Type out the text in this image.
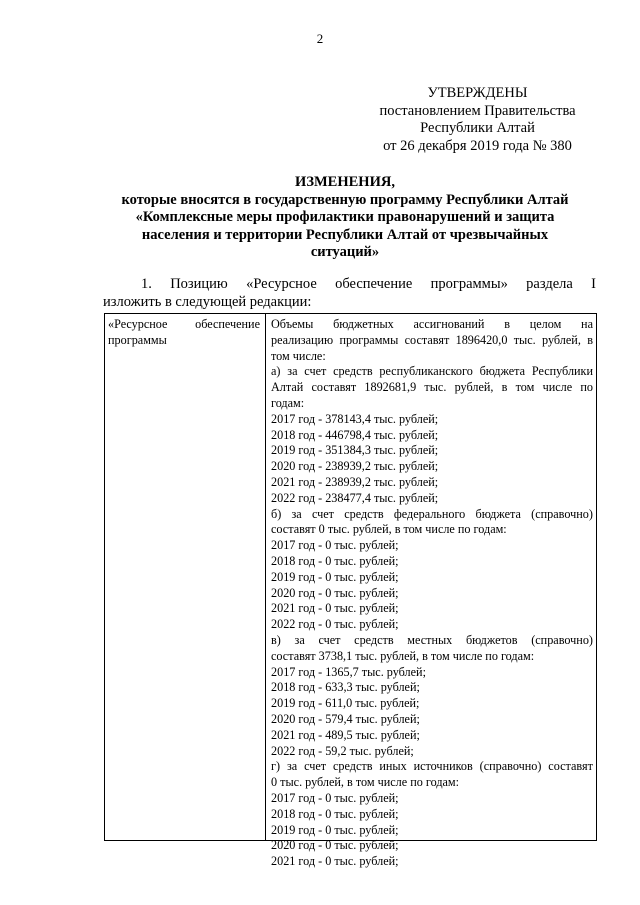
2
УТВЕРЖДЕНЫ
постановлением Правительства
Республики Алтай
от 26 декабря 2019 года № 380
ИЗМЕНЕНИЯ,
которые вносятся в государственную программу Республики Алтай
«Комплексные меры профилактики правонарушений и защита
населения и территории Республики Алтай от чрезвычайных
ситуаций»
1. Позицию «Ресурсное обеспечение программы» раздела I
изложить в следующей редакции:
«Ресурсное обеспечение
программы
Объемы бюджетных ассигнований в целом на
реализацию программы составят 1896420,0 тыс. рублей, в
том числе:
а) за счет средств республиканского бюджета Республики
Алтай составят 1892681,9 тыс. рублей, в том числе по
годам:
2017 год - 378143,4 тыс. рублей;
2018 год - 446798,4 тыс. рублей;
2019 год - 351384,3 тыс. рублей;
2020 год - 238939,2 тыс. рублей;
2021 год - 238939,2 тыс. рублей;
2022 год - 238477,4 тыс. рублей;
б) за счет средств федерального бюджета (справочно)
составят 0 тыс. рублей, в том числе по годам:
2017 год - 0 тыс. рублей;
2018 год - 0 тыс. рублей;
2019 год - 0 тыс. рублей;
2020 год - 0 тыс. рублей;
2021 год - 0 тыс. рублей;
2022 год - 0 тыс. рублей;
в) за счет средств местных бюджетов (справочно)
составят 3738,1 тыс. рублей, в том числе по годам:
2017 год - 1365,7 тыс. рублей;
2018 год - 633,3 тыс. рублей;
2019 год - 611,0 тыс. рублей;
2020 год - 579,4 тыс. рублей;
2021 год - 489,5 тыс. рублей;
2022 год - 59,2 тыс. рублей;
г) за счет средств иных источников (справочно) составят
0 тыс. рублей, в том числе по годам:
2017 год - 0 тыс. рублей;
2018 год - 0 тыс. рублей;
2019 год - 0 тыс. рублей;
2020 год - 0 тыс. рублей;
2021 год - 0 тыс. рублей;
